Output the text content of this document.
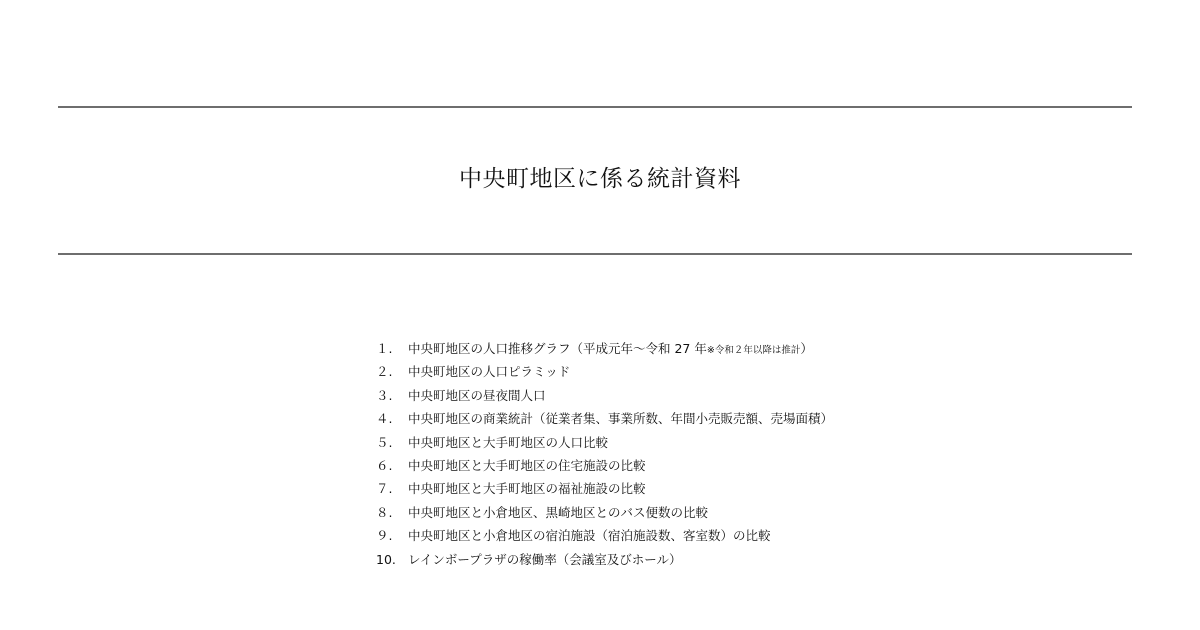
中央町地区に係る統計資料
１.	中央町地区の人口推移グラフ（平成元年～令和 27 年※令和２年以降は推計）
２.	中央町地区の人口ピラミッド
３.	中央町地区の昼夜間人口
４.	中央町地区の商業統計（従業者集、事業所数、年間小売販売額、売場面積）
５.	中央町地区と大手町地区の人口比較
６.	中央町地区と大手町地区の住宅施設の比較
７.	中央町地区と大手町地区の福祉施設の比較
８.	中央町地区と小倉地区、黒崎地区とのバス便数の比較
９.	中央町地区と小倉地区の宿泊施設（宿泊施設数、客室数）の比較
10. レインボープラザの稼働率（会議室及びホール）
